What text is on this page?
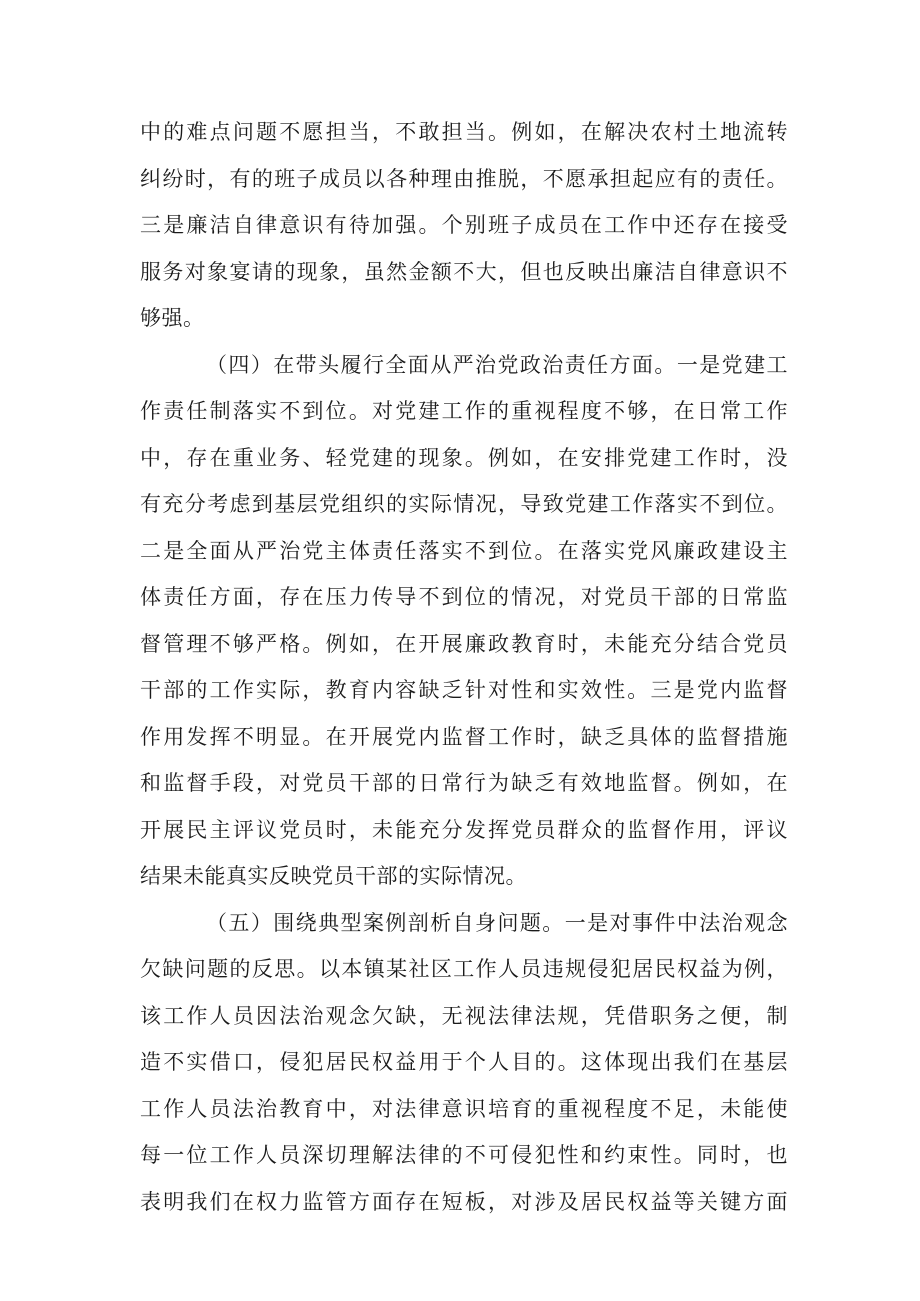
中的难点问题不愿担当，不敢担当。例如，在解决农村土地流转
纠纷时，有的班子成员以各种理由推脱，不愿承担起应有的责任。
三是廉洁自律意识有待加强。个别班子成员在工作中还存在接受
服务对象宴请的现象，虽然金额不大，但也反映出廉洁自律意识不
够强。
（四）在带头履行全面从严治党政治责任方面。一是党建工
作责任制落实不到位。对党建工作的重视程度不够，在日常工作
中，存在重业务、轻党建的现象。例如，在安排党建工作时，没
有充分考虑到基层党组织的实际情况，导致党建工作落实不到位。
二是全面从严治党主体责任落实不到位。在落实党风廉政建设主
体责任方面，存在压力传导不到位的情况，对党员干部的日常监
督管理不够严格。例如，在开展廉政教育时，未能充分结合党员
干部的工作实际，教育内容缺乏针对性和实效性。三是党内监督
作用发挥不明显。在开展党内监督工作时，缺乏具体的监督措施
和监督手段，对党员干部的日常行为缺乏有效地监督。例如，在
开展民主评议党员时，未能充分发挥党员群众的监督作用，评议
结果未能真实反映党员干部的实际情况。
（五）围绕典型案例剖析自身问题。一是对事件中法治观念
欠缺问题的反思。以本镇某社区工作人员违规侵犯居民权益为例，
该工作人员因法治观念欠缺，无视法律法规，凭借职务之便，制
造不实借口，侵犯居民权益用于个人目的。这体现出我们在基层
工作人员法治教育中，对法律意识培育的重视程度不足，未能使
每一位工作人员深切理解法律的不可侵犯性和约束性。同时，也
表明我们在权力监管方面存在短板，对涉及居民权益等关键方面
